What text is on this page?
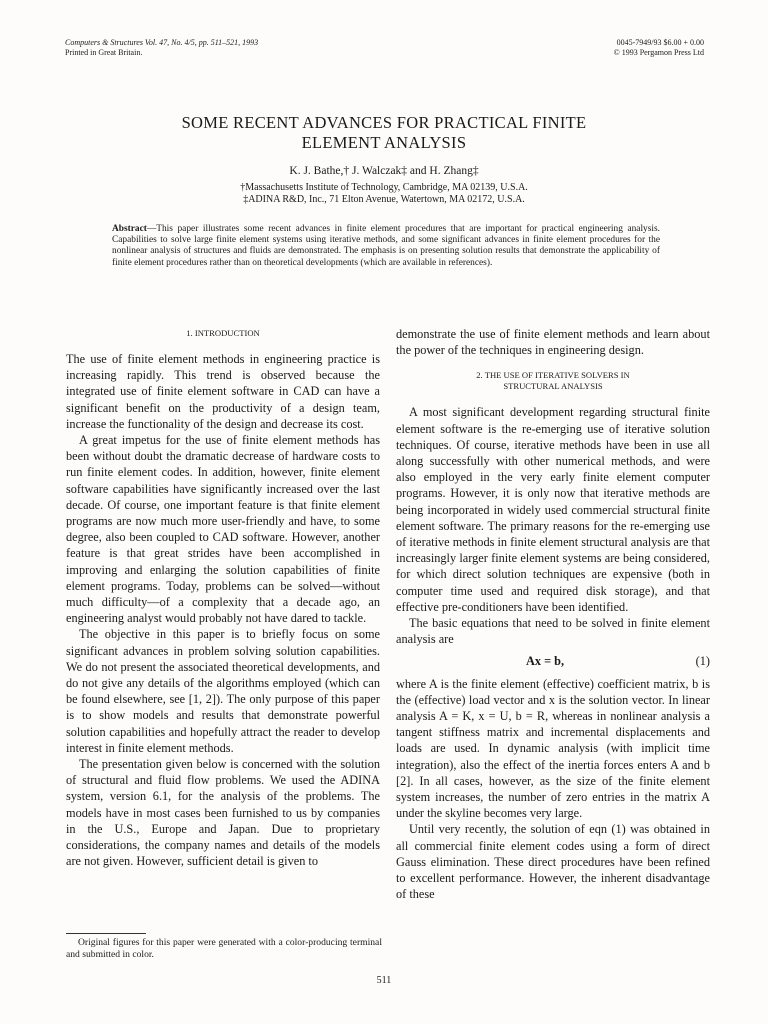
Computers & Structures Vol. 47, No. 4/5, pp. 511–521, 1993
Printed in Great Britain.
0045-7949/93 $6.00 + 0.00
© 1993 Pergamon Press Ltd
SOME RECENT ADVANCES FOR PRACTICAL FINITE
ELEMENT ANALYSIS
K. J. Bathe,† J. Walczak‡ and H. Zhang‡
†Massachusetts Institute of Technology, Cambridge, MA 02139, U.S.A.
‡ADINA R&D, Inc., 71 Elton Avenue, Watertown, MA 02172, U.S.A.
Abstract—This paper illustrates some recent advances in finite element procedures that are important for practical engineering analysis. Capabilities to solve large finite element systems using iterative methods, and some significant advances in finite element procedures for the nonlinear analysis of structures and fluids are demonstrated. The emphasis is on presenting solution results that demonstrate the applicability of finite element procedures rather than on theoretical developments (which are available in references).
1. INTRODUCTION

The use of finite element methods in engineering practice is increasing rapidly. This trend is observed because the integrated use of finite element software in CAD can have a significant benefit on the productivity of a design team, increase the functionality of the design and decrease its cost.

A great impetus for the use of finite element methods has been without doubt the dramatic decrease of hardware costs to run finite element codes. In addition, however, finite element software capabilities have significantly increased over the last decade. Of course, one important feature is that finite element programs are now much more user-friendly and have, to some degree, also been coupled to CAD software. However, another feature is that great strides have been accomplished in improving and enlarging the solution capabilities of finite element programs. Today, problems can be solved—without much difficulty—of a complexity that a decade ago, an engineering analyst would probably not have dared to tackle.

The objective in this paper is to briefly focus on some significant advances in problem solving solution capabilities. We do not present the associated theoretical developments, and do not give any details of the algorithms employed (which can be found elsewhere, see [1, 2]). The only purpose of this paper is to show models and results that demonstrate powerful solution capabilities and hopefully attract the reader to develop interest in finite element methods.

The presentation given below is concerned with the solution of structural and fluid flow problems. We used the ADINA system, version 6.1, for the analysis of the problems. The models have in most cases been furnished to us by companies in the U.S., Europe and Japan. Due to proprietary considerations, the company names and details of the models are not given. However, sufficient detail is given to

demonstrate the use of finite element methods and learn about the power of the techniques in engineering design.

2. THE USE OF ITERATIVE SOLVERS IN
STRUCTURAL ANALYSIS

A most significant development regarding structural finite element software is the re-emerging use of iterative solution techniques. Of course, iterative methods have been in use all along successfully with other numerical methods, and were also employed in the very early finite element computer programs. However, it is only now that iterative methods are being incorporated in widely used commercial structural finite element software. The primary reasons for the re-emerging use of iterative methods in finite element structural analysis are that increasingly larger finite element systems are being considered, for which direct solution techniques are expensive (both in computer time used and required disk storage), and that effective pre-conditioners have been identified.

The basic equations that need to be solved in finite element analysis are

Ax = b,	(1)

where A is the finite element (effective) coefficient matrix, b is the (effective) load vector and x is the solution vector. In linear analysis A = K, x = U, b = R, whereas in nonlinear analysis a tangent stiffness matrix and incremental displacements and loads are used. In dynamic analysis (with implicit time integration), also the effect of the inertia forces enters A and b [2]. In all cases, however, as the size of the finite element system increases, the number of zero entries in the matrix A under the skyline becomes very large.

Until very recently, the solution of eqn (1) was obtained in all commercial finite element codes using a form of direct Gauss elimination. These direct procedures have been refined to excellent performance. However, the inherent disadvantage of these

Original figures for this paper were generated with a color-producing terminal and submitted in color.
511
